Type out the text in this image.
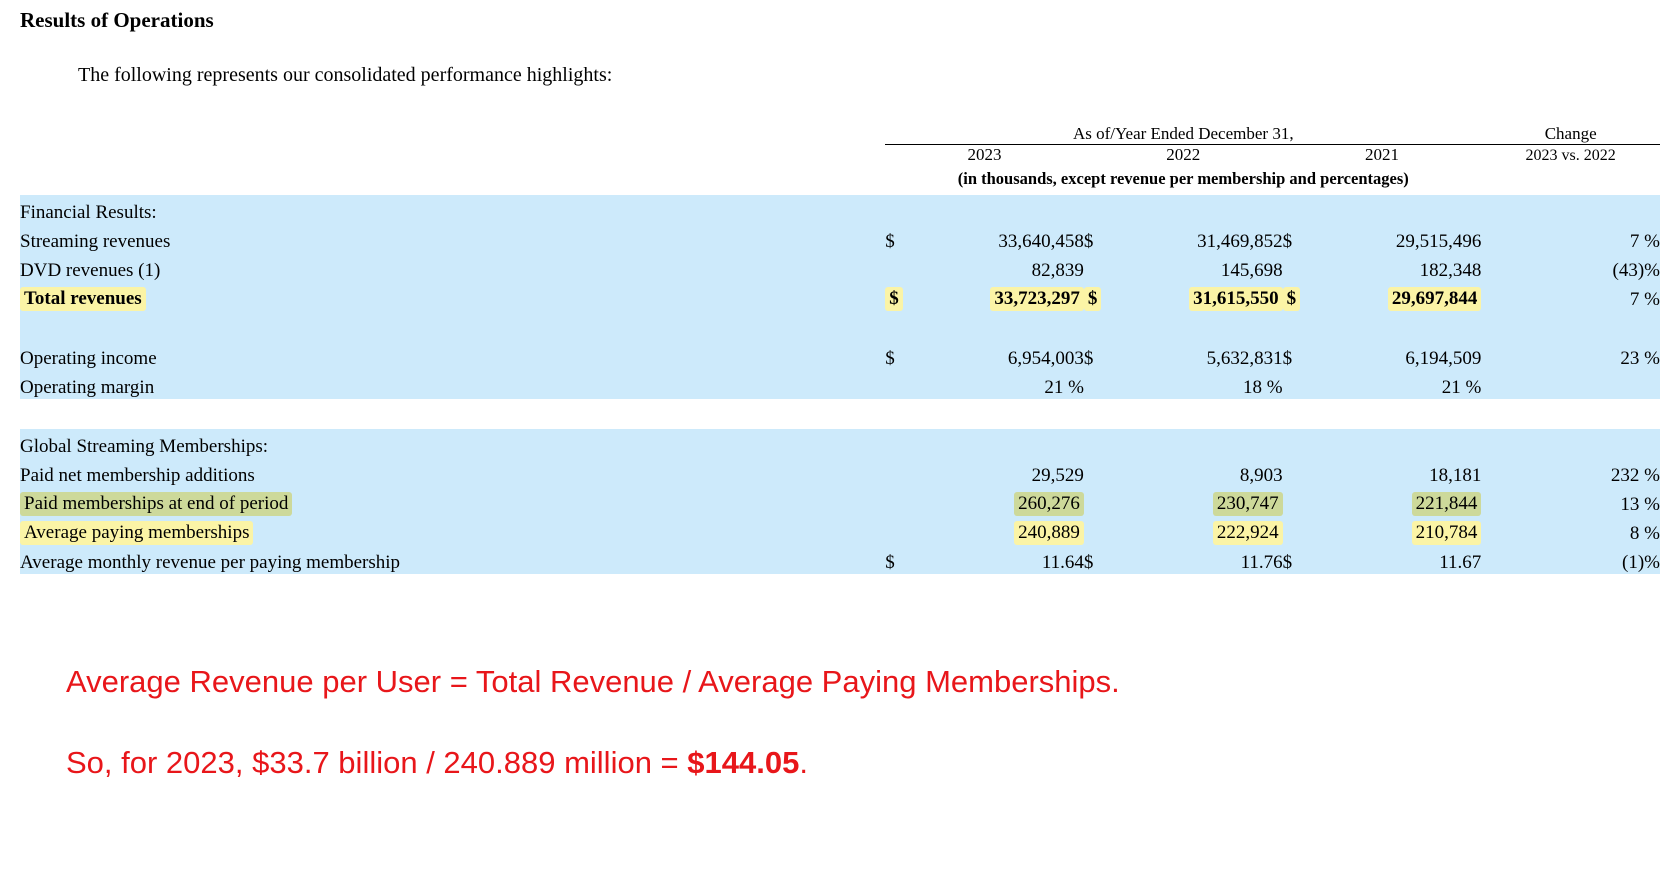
Results of Operations
The following represents our consolidated performance highlights:
	As of/Year Ended December 31,						Change
	2023		2022		2021		2023 vs. 2022
	(in thousands, except revenue per membership and percentages)						
Financial Results:							
Streaming revenues	$	33,640,458	$	31,469,852	$	29,515,496	7 %
DVD revenues (1)		82,839		145,698		182,348	(43)%
Total revenues	$	33,723,297	$	31,615,550	$	29,697,844	7 %

Operating income	$	6,954,003	$	5,632,831	$	6,194,509	23 %
Operating margin		21 %		18 %		21 %	

Global Streaming Memberships:							
Paid net membership additions		29,529		8,903		18,181	232 %
Paid memberships at end of period		260,276		230,747		221,844	13 %
Average paying memberships		240,889		222,924		210,784	8 %
Average monthly revenue per paying membership	$	11.64	$	11.76	$	11.67	(1)%
Average Revenue per User = Total Revenue / Average Paying Memberships.
So, for 2023, $33.7 billion / 240.889 million = $144.05.
